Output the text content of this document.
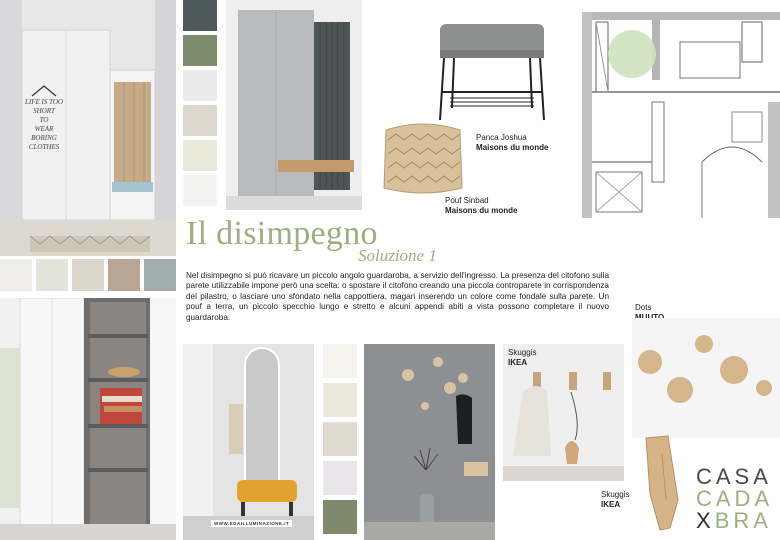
LIFE IS TOO
SHORT
TO
WEAR
BORING
CLOTHES
Panca Joshua
Maisons du monde
Pouf Sinbad
Maisons du monde
Il disimpegno
Soluzione 1
Nel disimpegno si può ricavare un piccolo angolo guardaroba, a servizio dell'ingresso. La presenza del citofono sulla parete utilizzabile impone però una scelta: o spostare il citofono creando una piccola controparete in corrispondenza del pilastro, o lasciare uno sfondato nella cappottiera, magari inserendo un colore come fondale sulla parete. Un pouf a terra, un piccolo specchio lungo e stretto e alcuni appendi abiti a vista possono completare il nuovo guardaroba.
WWW.EDAILLUMINAZIONE.IT
Skuggis
IKEA
Dots
Skuggis
IKEA
CASA
CADA
XBRA
